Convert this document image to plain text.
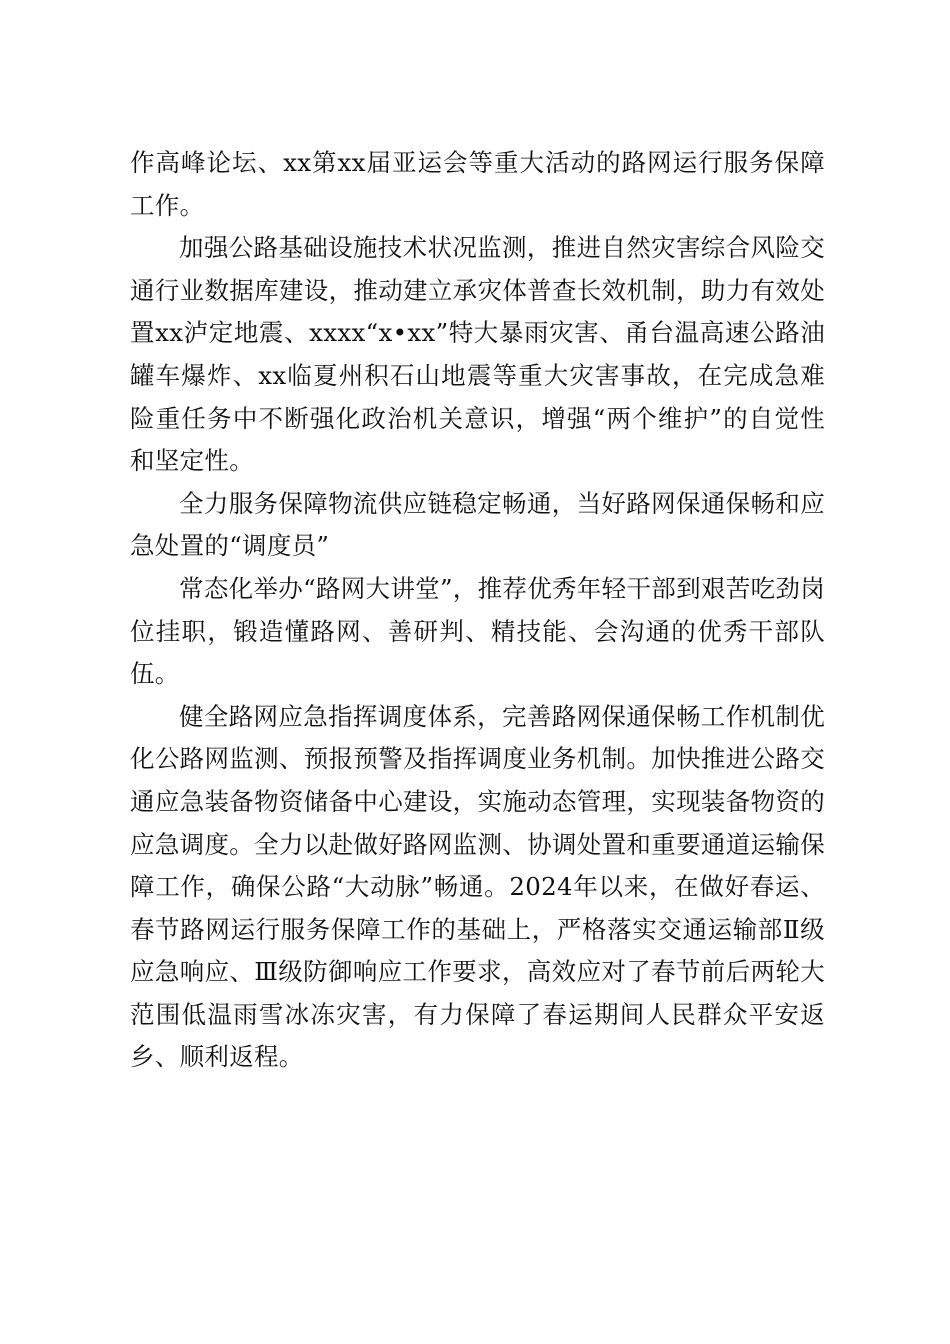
作高峰论坛、xx第xx届亚运会等重大活动的路网运行服务保障工作。

加强公路基础设施技术状况监测，推进自然灾害综合风险交通行业数据库建设，推动建立承灾体普查长效机制，助力有效处置xx泸定地震、xxxx“x•xx”特大暴雨灾害、甬台温高速公路油罐车爆炸、xx临夏州积石山地震等重大灾害事故，在完成急难险重任务中不断强化政治机关意识，增强“两个维护”的自觉性和坚定性。

全力服务保障物流供应链稳定畅通，当好路网保通保畅和应急处置的“调度员”

常态化举办“路网大讲堂”，推荐优秀年轻干部到艰苦吃劲岗位挂职，锻造懂路网、善研判、精技能、会沟通的优秀干部队伍。

健全路网应急指挥调度体系，完善路网保通保畅工作机制优化公路网监测、预报预警及指挥调度业务机制。加快推进公路交通应急装备物资储备中心建设，实施动态管理，实现装备物资的应急调度。全力以赴做好路网监测、协调处置和重要通道运输保障工作，确保公路“大动脉”畅通。2024年以来，在做好春运、春节路网运行服务保障工作的基础上，严格落实交通运输部Ⅱ级应急响应、Ⅲ级防御响应工作要求，高效应对了春节前后两轮大范围低温雨雪冰冻灾害，有力保障了春运期间人民群众平安返乡、顺利返程。
